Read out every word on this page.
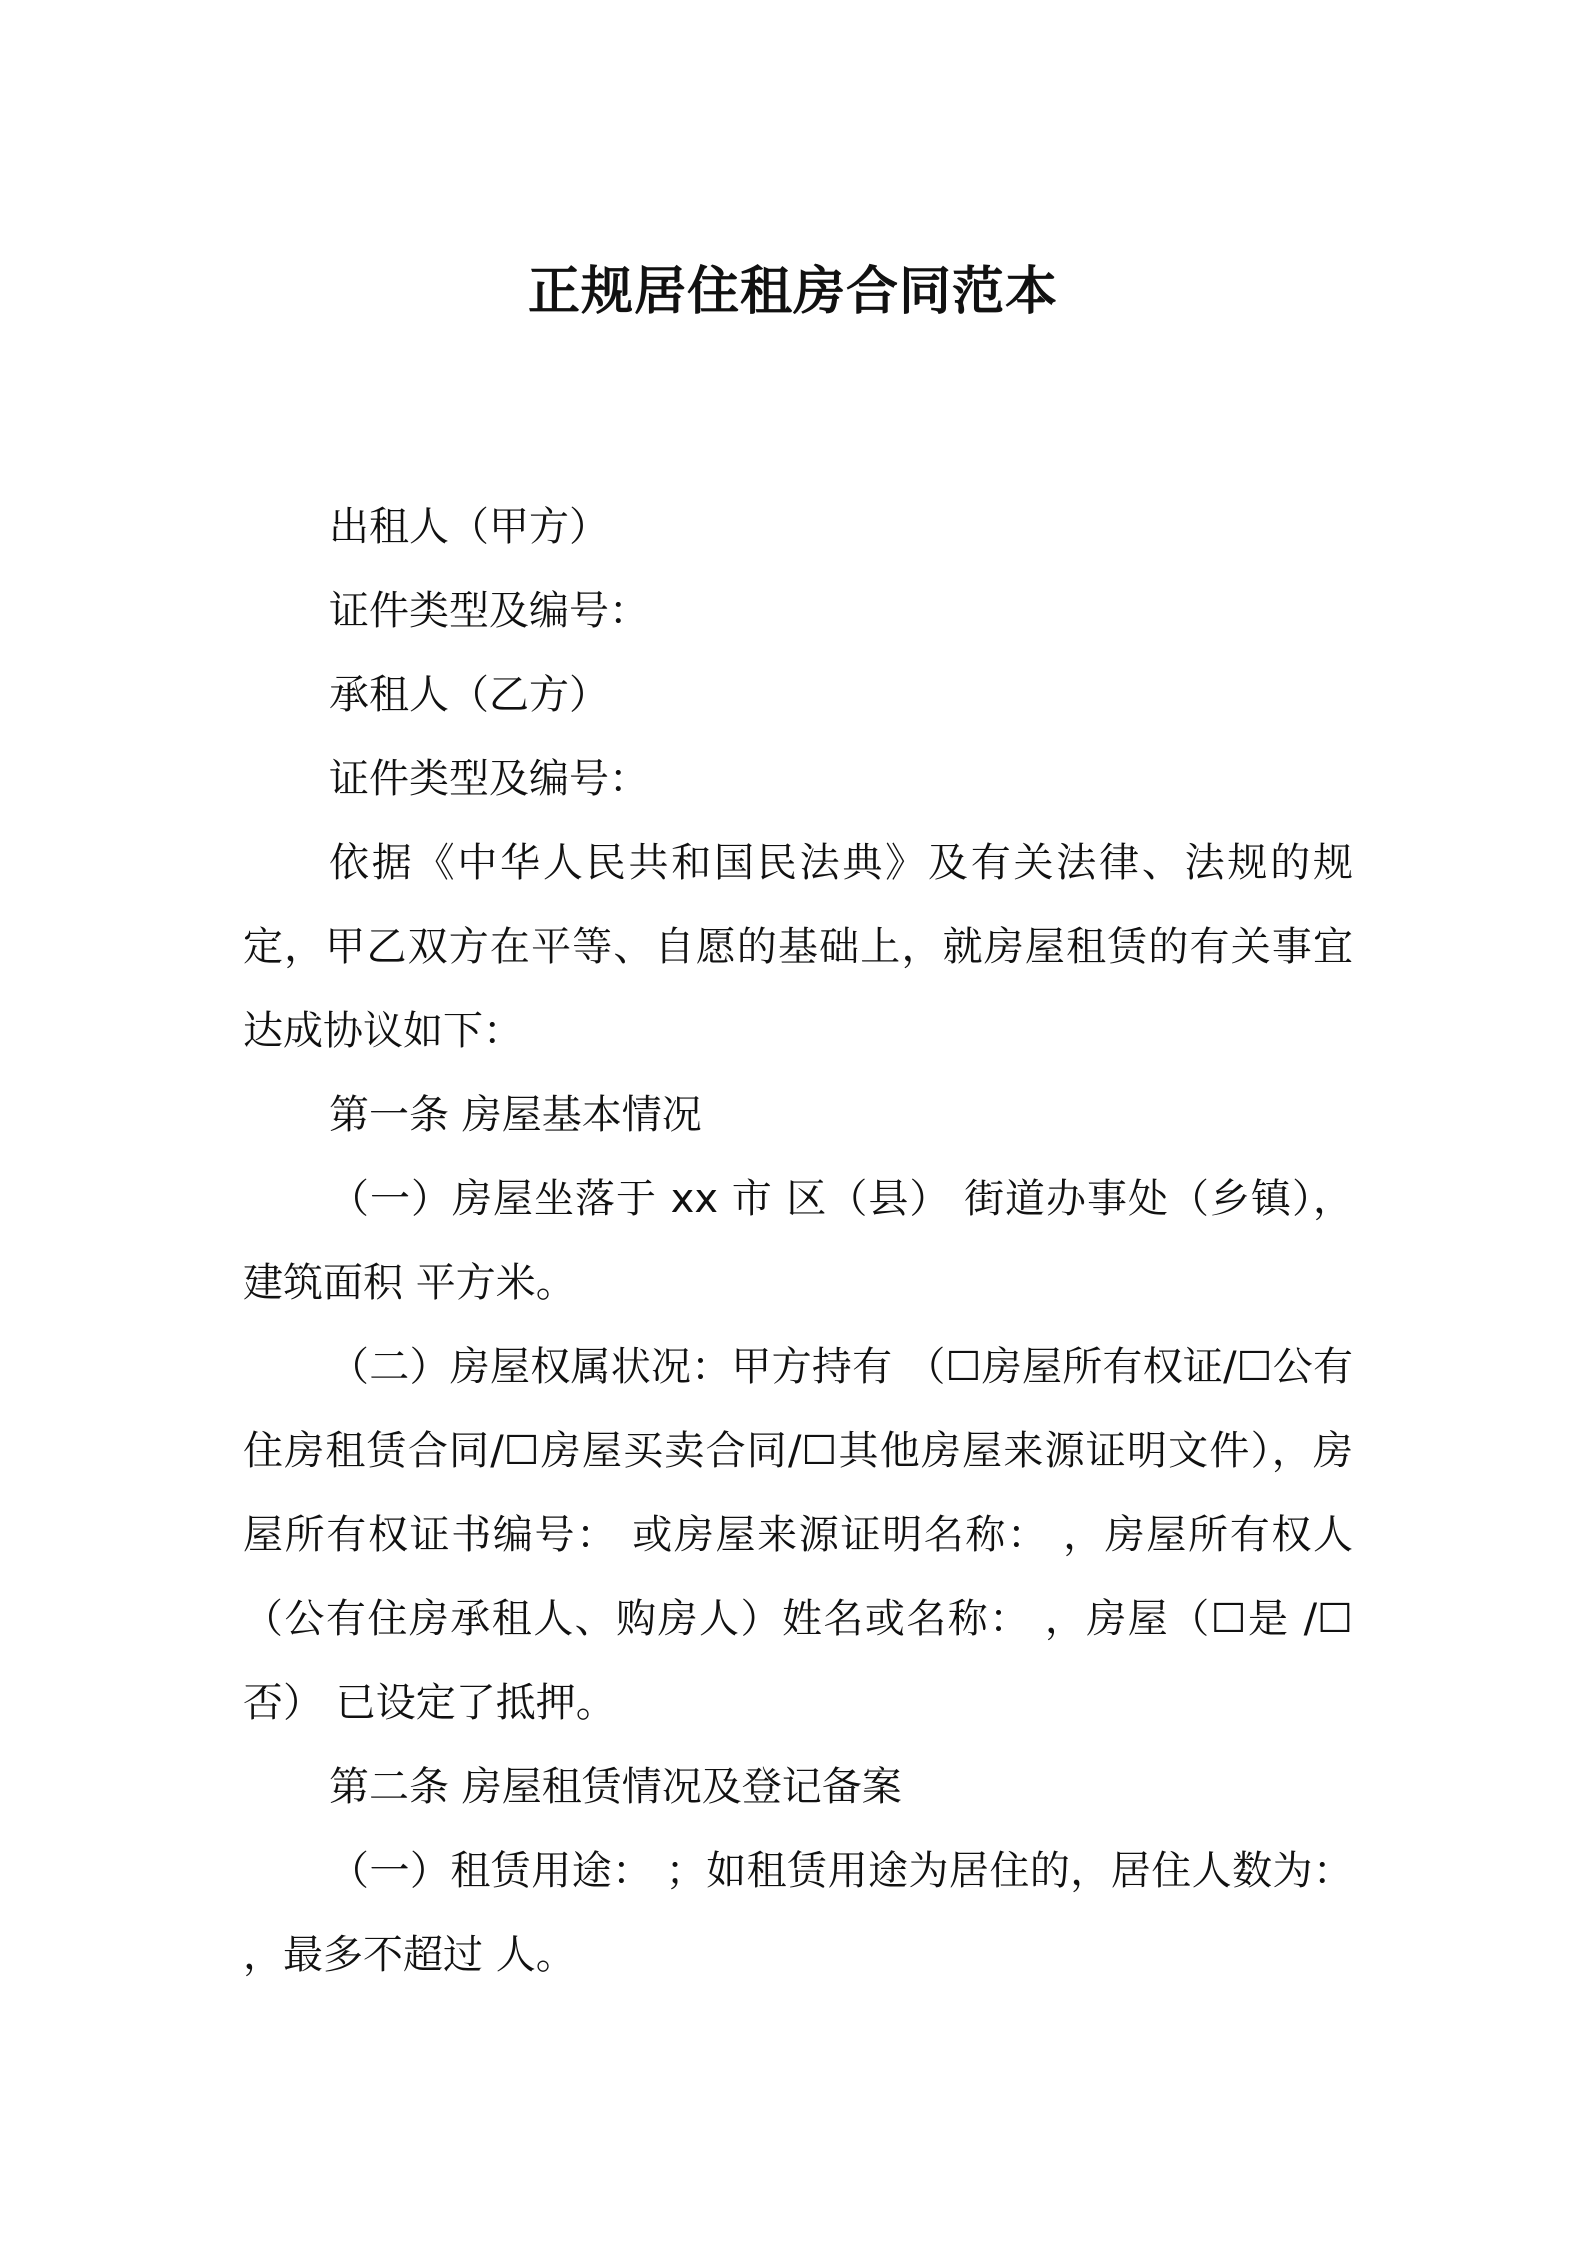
正规居住租房合同范本
出租人（甲方）
证件类型及编号：
承租人（乙方）
证件类型及编号：
依据《中华人民共和国民法典》及有关法律、法规的规定，甲乙双方在平等、自愿的基础上，就房屋租赁的有关事宜达成协议如下：
第一条 房屋基本情况
（一）房屋坐落于 xx 市 区（县） 街道办事处（乡镇），建筑面积 平方米。
（二）房屋权属状况：甲方持有 （☐房屋所有权证/☐公有住房租赁合同/☐房屋买卖合同/☐其他房屋来源证明文件），房屋所有权证书编号： 或房屋来源证明名称： ，房屋所有权人（公有住房承租人、购房人）姓名或名称： ，房屋（☐是 /☐否） 已设定了抵押。
第二条 房屋租赁情况及登记备案
（一）租赁用途： ；如租赁用途为居住的，居住人数为： ，最多不超过 人。
